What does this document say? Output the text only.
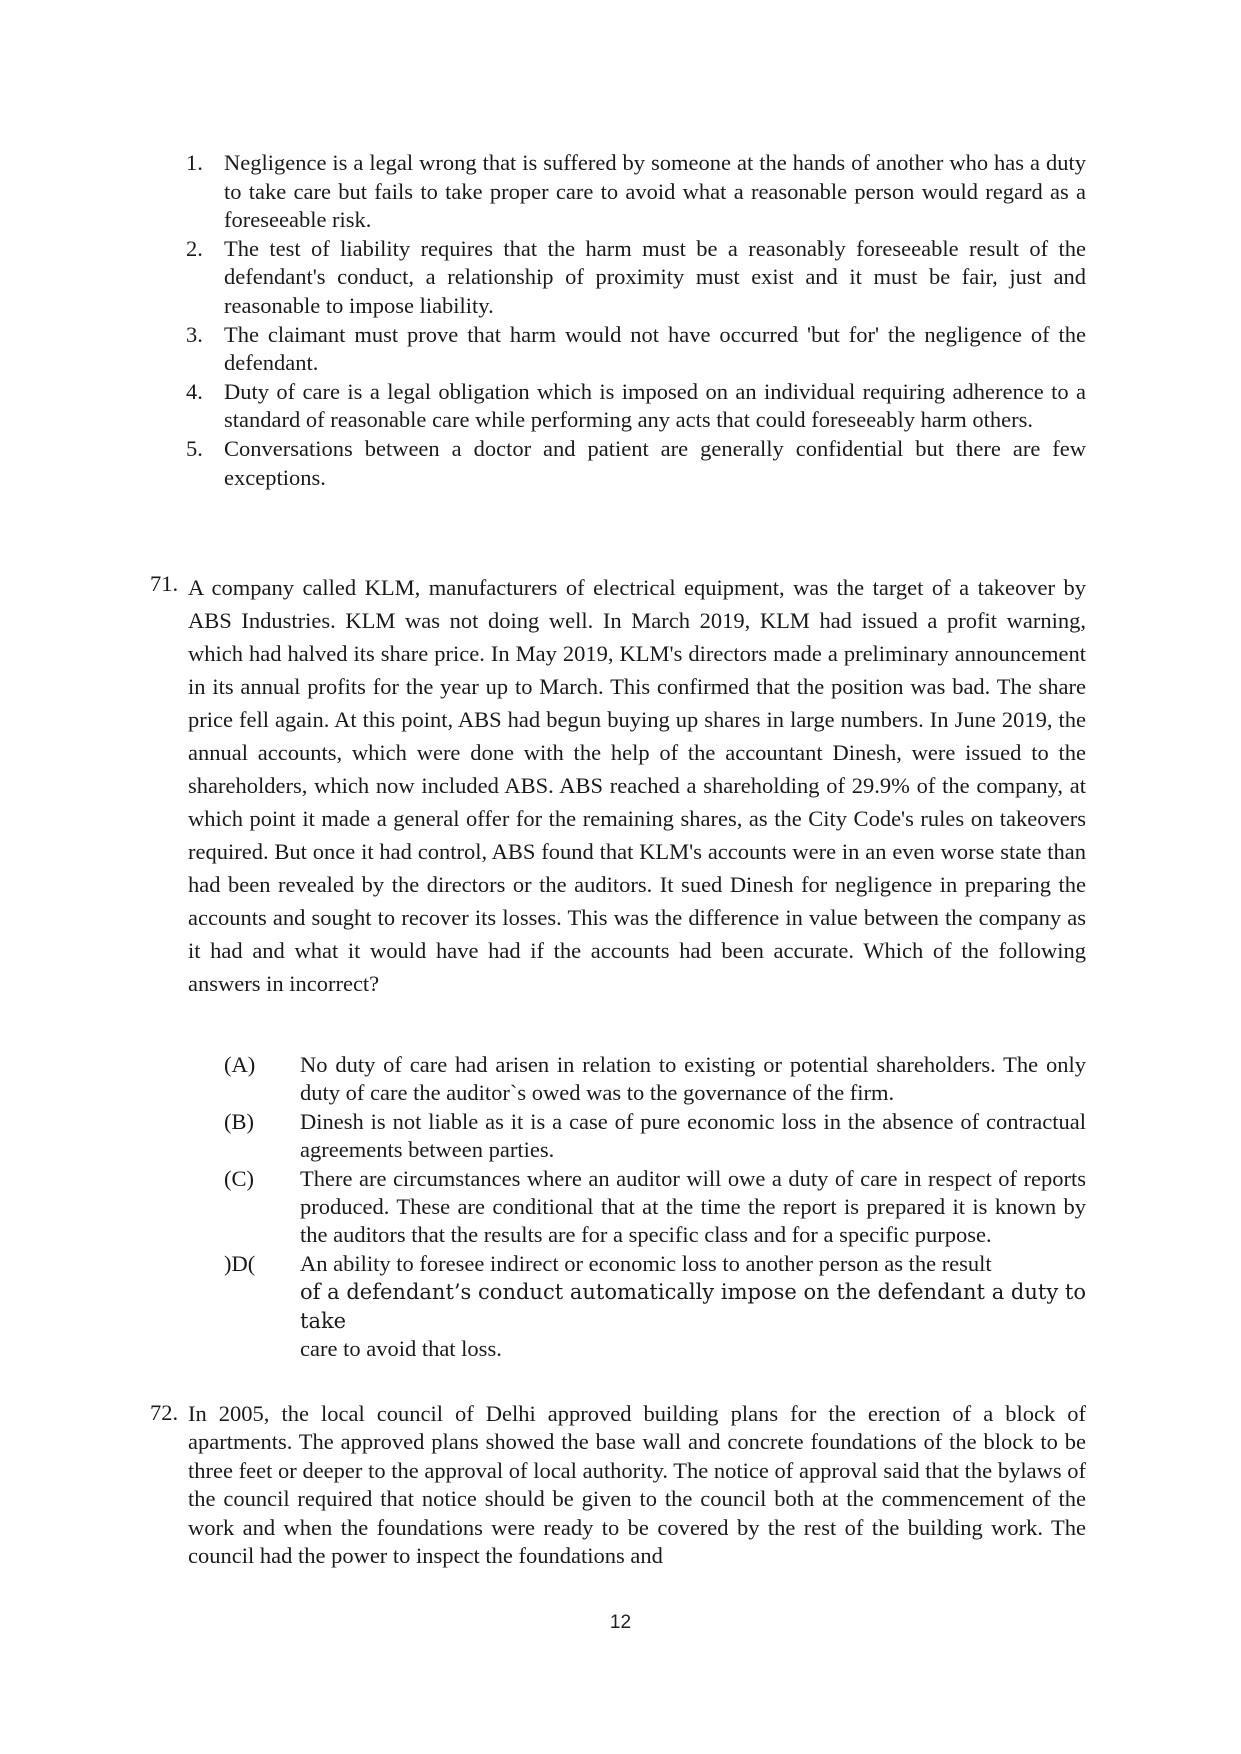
1. Negligence is a legal wrong that is suffered by someone at the hands of another who has a duty to take care but fails to take proper care to avoid what a reasonable person would regard as a foreseeable risk.
2. The test of liability requires that the harm must be a reasonably foreseeable result of the defendant's conduct, a relationship of proximity must exist and it must be fair, just and reasonable to impose liability.
3. The claimant must prove that harm would not have occurred 'but for' the negligence of the defendant.
4. Duty of care is a legal obligation which is imposed on an individual requiring adherence to a standard of reasonable care while performing any acts that could foreseeably harm others.
5. Conversations between a doctor and patient are generally confidential but there are few exceptions.
71. A company called KLM, manufacturers of electrical equipment, was the target of a takeover by ABS Industries. KLM was not doing well. In March 2019, KLM had issued a profit warning, which had halved its share price. In May 2019, KLM's directors made a preliminary announcement in its annual profits for the year up to March. This confirmed that the position was bad. The share price fell again. At this point, ABS had begun buying up shares in large numbers. In June 2019, the annual accounts, which were done with the help of the accountant Dinesh, were issued to the shareholders, which now included ABS. ABS reached a shareholding of 29.9% of the company, at which point it made a general offer for the remaining shares, as the City Code's rules on takeovers required. But once it had control, ABS found that KLM's accounts were in an even worse state than had been revealed by the directors or the auditors. It sued Dinesh for negligence in preparing the accounts and sought to recover its losses. This was the difference in value between the company as it had and what it would have had if the accounts had been accurate. Which of the following answers in incorrect?
(A) No duty of care had arisen in relation to existing or potential shareholders. The only duty of care the auditor`s owed was to the governance of the firm.
(B) Dinesh is not liable as it is a case of pure economic loss in the absence of contractual agreements between parties.
(C) There are circumstances where an auditor will owe a duty of care in respect of reports produced. These are conditional that at the time the report is prepared it is known by the auditors that the results are for a specific class and for a specific purpose.
)D( An ability to foresee indirect or economic loss to another person as the result
of a defendant’s conduct automatically impose on the defendant a duty to take
care to avoid that loss.
72. In 2005, the local council of Delhi approved building plans for the erection of a block of apartments. The approved plans showed the base wall and concrete foundations of the block to be three feet or deeper to the approval of local authority. The notice of approval said that the bylaws of the council required that notice should be given to the council both at the commencement of the work and when the foundations were ready to be covered by the rest of the building work. The council had the power to inspect the foundations and
12
